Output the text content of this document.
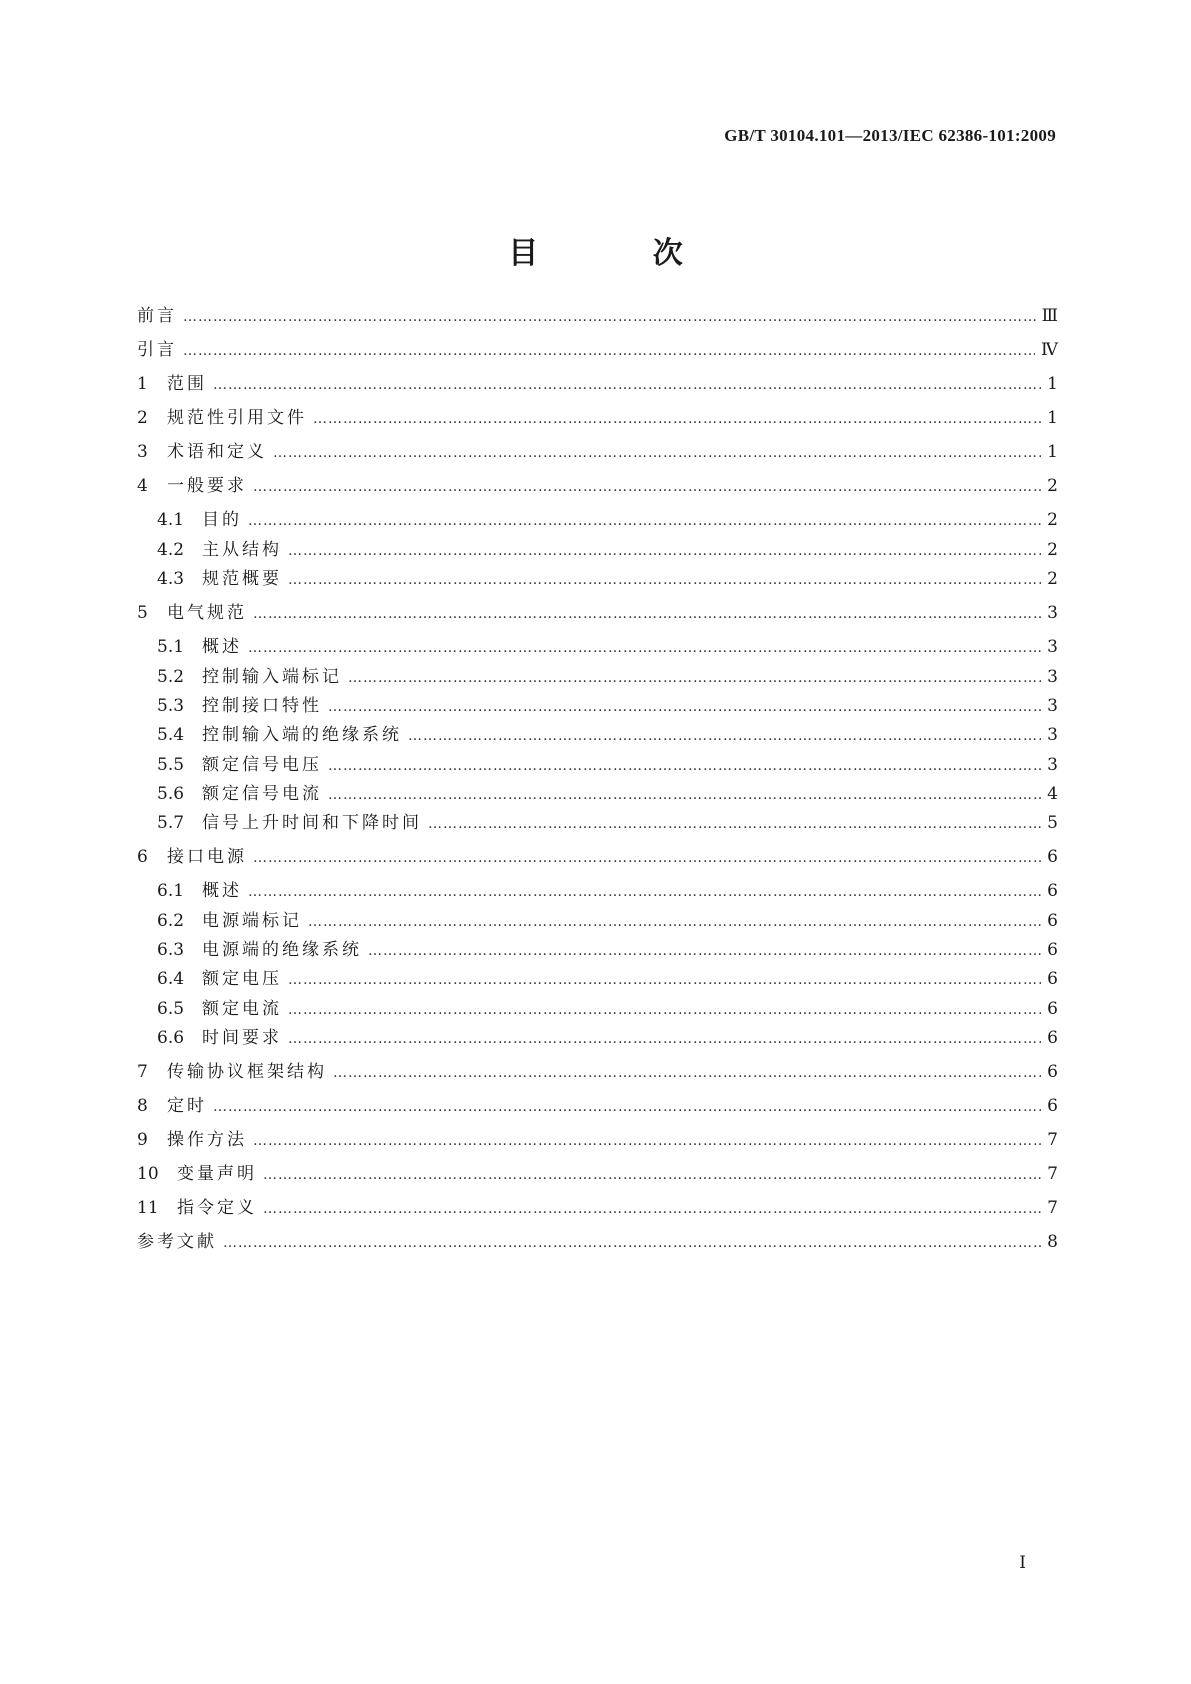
GB/T 30104.101—2013/IEC 62386-101:2009
目 次
前言 ………………………………………………………………………………………………………………………………………………………………………………………………………………………………………………………………	Ⅲ
引言 ………………………………………………………………………………………………………………………………………………………………………………………………………………………………………………………………	Ⅳ
1	范围 ………………………………………………………………………………………………………………………………………………………………………………………………………………………………………………………………	1
2	规范性引用文件 ………………………………………………………………………………………………………………………………………………………………………………………………………………………………………………………………	1
3	术语和定义 ………………………………………………………………………………………………………………………………………………………………………………………………………………………………………………………………	1
4	一般要求 ………………………………………………………………………………………………………………………………………………………………………………………………………………………………………………………………	2
4.1	目的 ………………………………………………………………………………………………………………………………………………………………………………………………………………………………………………………………	2
4.2	主从结构 ………………………………………………………………………………………………………………………………………………………………………………………………………………………………………………………………	2
4.3	规范概要 ………………………………………………………………………………………………………………………………………………………………………………………………………………………………………………………………	2
5	电气规范 ………………………………………………………………………………………………………………………………………………………………………………………………………………………………………………………………	3
5.1	概述 ………………………………………………………………………………………………………………………………………………………………………………………………………………………………………………………………	3
5.2	控制输入端标记 ………………………………………………………………………………………………………………………………………………………………………………………………………………………………………………………………	3
5.3	控制接口特性 ………………………………………………………………………………………………………………………………………………………………………………………………………………………………………………………………	3
5.4	控制输入端的绝缘系统 ………………………………………………………………………………………………………………………………………………………………………………………………………………………………………………………………	3
5.5	额定信号电压 ………………………………………………………………………………………………………………………………………………………………………………………………………………………………………………………………	3
5.6	额定信号电流 ………………………………………………………………………………………………………………………………………………………………………………………………………………………………………………………………	4
5.7	信号上升时间和下降时间 ………………………………………………………………………………………………………………………………………………………………………………………………………………………………………………………………	5
6	接口电源 ………………………………………………………………………………………………………………………………………………………………………………………………………………………………………………………………	6
6.1	概述 ………………………………………………………………………………………………………………………………………………………………………………………………………………………………………………………………	6
6.2	电源端标记 ………………………………………………………………………………………………………………………………………………………………………………………………………………………………………………………………	6
6.3	电源端的绝缘系统 ………………………………………………………………………………………………………………………………………………………………………………………………………………………………………………………………	6
6.4	额定电压 ………………………………………………………………………………………………………………………………………………………………………………………………………………………………………………………………	6
6.5	额定电流 ………………………………………………………………………………………………………………………………………………………………………………………………………………………………………………………………	6
6.6	时间要求 ………………………………………………………………………………………………………………………………………………………………………………………………………………………………………………………………	6
7	传输协议框架结构 ………………………………………………………………………………………………………………………………………………………………………………………………………………………………………………………………	6
8	定时 ………………………………………………………………………………………………………………………………………………………………………………………………………………………………………………………………	6
9	操作方法 ………………………………………………………………………………………………………………………………………………………………………………………………………………………………………………………………	7
10	变量声明 ………………………………………………………………………………………………………………………………………………………………………………………………………………………………………………………………	7
11	指令定义 ………………………………………………………………………………………………………………………………………………………………………………………………………………………………………………………………	7
参考文献 ………………………………………………………………………………………………………………………………………………………………………………………………………………………………………………………………	8
I
